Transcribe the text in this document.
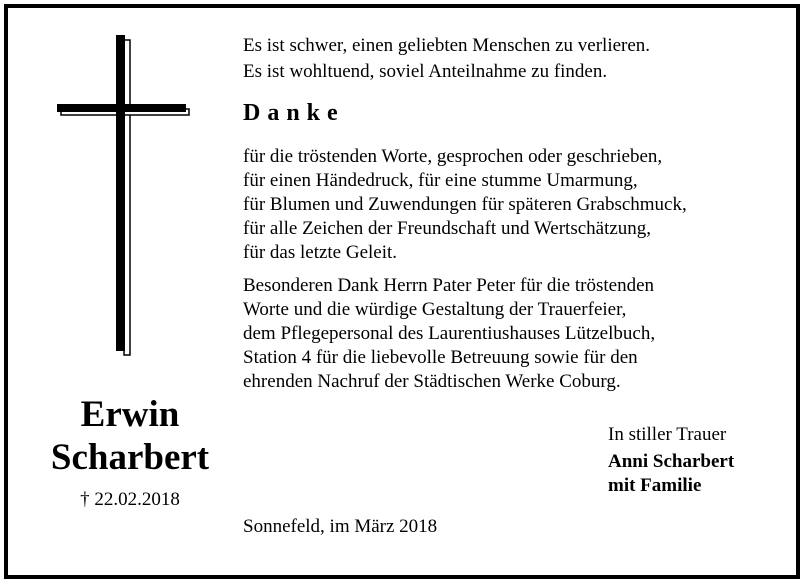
Es ist schwer, einen geliebten Menschen zu verlieren.
Es ist wohltuend, soviel Anteilnahme zu finden.
Danke
für die tröstenden Worte, gesprochen oder geschrieben,
für einen Händedruck, für eine stumme Umarmung,
für Blumen und Zuwendungen für späteren Grabschmuck,
für alle Zeichen der Freundschaft und Wertschätzung,
für das letzte Geleit.
Besonderen Dank Herrn Pater Peter für die tröstenden
Worte und die würdige Gestaltung der Trauerfeier,
dem Pflegepersonal des Laurentiushauses Lützelbuch,
Station 4 für die liebevolle Betreuung sowie für den
ehrenden Nachruf der Städtischen Werke Coburg.
Erwin
Scharbert
† 22.02.2018
In stiller Trauer
Anni Scharbert
mit Familie
Sonnefeld, im März 2018
